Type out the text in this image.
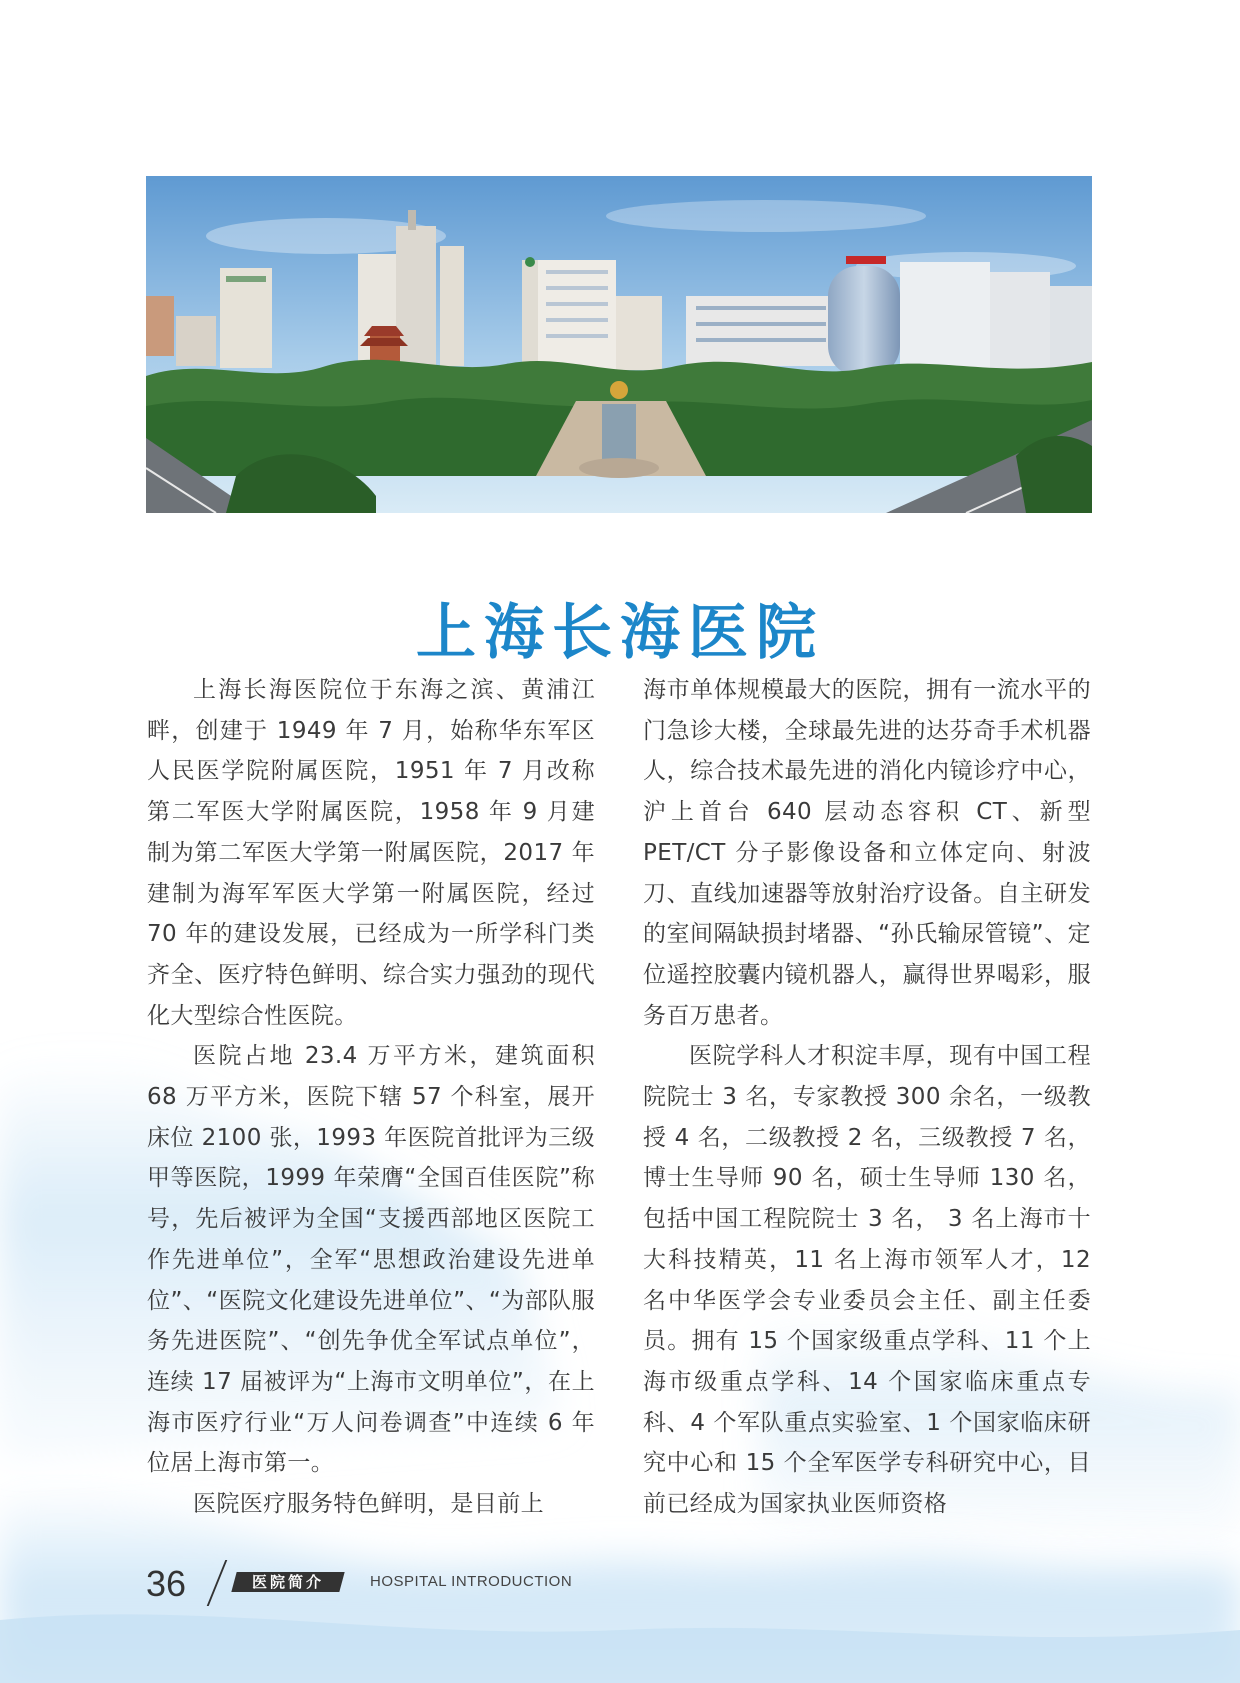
上海长海医院

上海长海医院位于东海之滨、黄浦江畔，创建于 1949 年 7 月，始称华东军区人民医学院附属医院，1951 年 7 月改称第二军医大学附属医院，1958 年 9 月建制为第二军医大学第一附属医院，2017 年建制为海军军医大学第一附属医院，经过 70 年的建设发展，已经成为一所学科门类齐全、医疗特色鲜明、综合实力强劲的现代化大型综合性医院。

医院占地 23.4 万平方米，建筑面积 68 万平方米，医院下辖 57 个科室，展开床位 2100 张，1993 年医院首批评为三级甲等医院，1999 年荣膺“全国百佳医院”称号，先后被评为全国“支援西部地区医院工作先进单位”，全军“思想政治建设先进单位”、“医院文化建设先进单位”、“为部队服务先进医院”、“创先争优全军试点单位”，连续 17 届被评为“上海市文明单位”，在上海市医疗行业“万人问卷调查”中连续 6 年位居上海市第一。

医院医疗服务特色鲜明，是目前上

海市单体规模最大的医院，拥有一流水平的门急诊大楼，全球最先进的达芬奇手术机器人，综合技术最先进的消化内镜诊疗中心，沪上首台 640 层动态容积 CT、新型 PET/CT 分子影像设备和立体定向、射波刀、直线加速器等放射治疗设备。自主研发的室间隔缺损封堵器、“孙氏输尿管镜”、定位遥控胶囊内镜机器人，赢得世界喝彩，服务百万患者。

医院学科人才积淀丰厚，现有中国工程院院士 3 名，专家教授 300 余名，一级教授 4 名，二级教授 2 名，三级教授 7 名，博士生导师 90 名，硕士生导师 130 名，包括中国工程院院士 3 名， 3 名上海市十大科技精英，11 名上海市领军人才，12 名中华医学会专业委员会主任、副主任委员。拥有 15 个国家级重点学科、11 个上海市级重点学科、14 个国家临床重点专科、4 个军队重点实验室、1 个国家临床研究中心和 15 个全军医学专科研究中心，目前已经成为国家执业医师资格

36	医院简介	HOSPITAL INTRODUCTION
